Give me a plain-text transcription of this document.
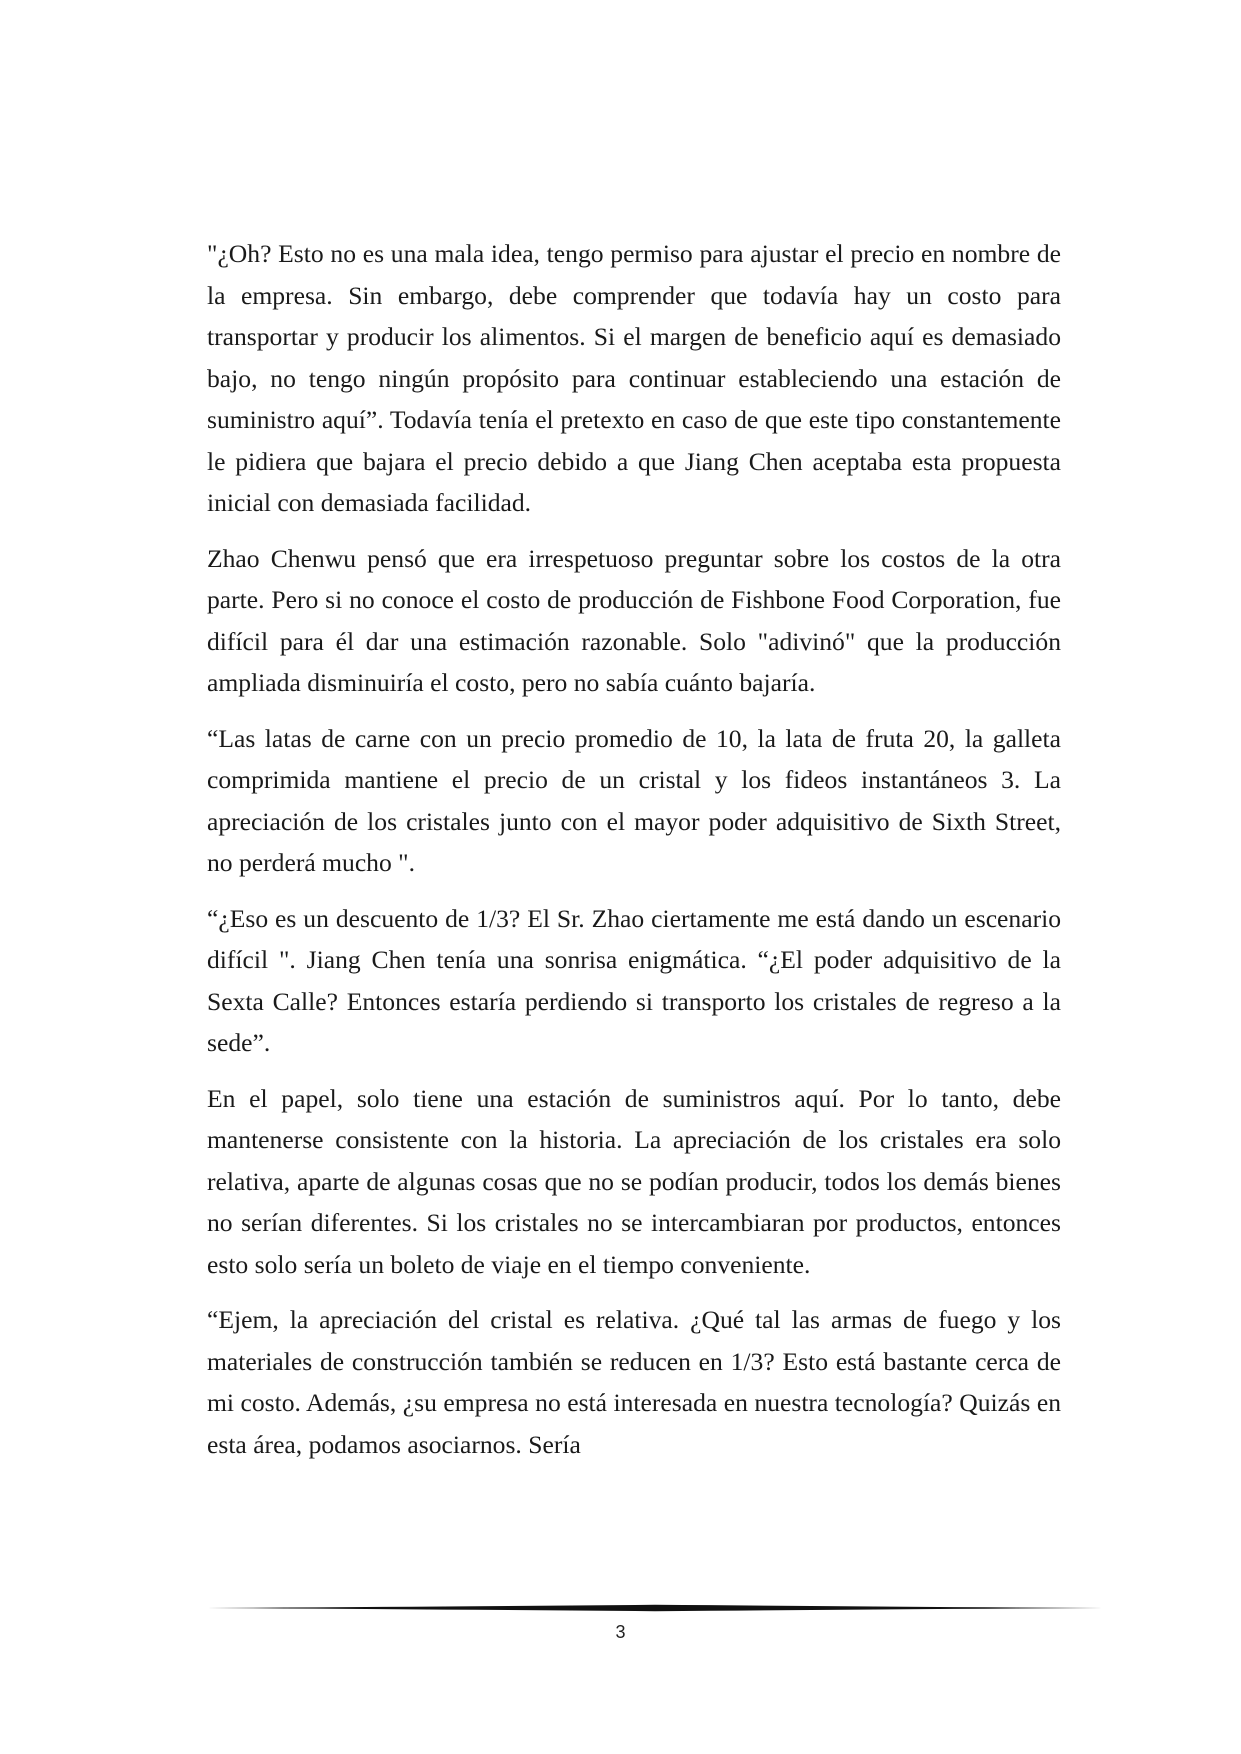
"¿Oh? Esto no es una mala idea, tengo permiso para ajustar el precio en nombre de la empresa. Sin embargo, debe comprender que todavía hay un costo para transportar y producir los alimentos. Si el margen de beneficio aquí es demasiado bajo, no tengo ningún propósito para continuar estableciendo una estación de suministro aquí”. Todavía tenía el pretexto en caso de que este tipo constantemente le pidiera que bajara el precio debido a que Jiang Chen aceptaba esta propuesta inicial con demasiada facilidad.

Zhao Chenwu pensó que era irrespetuoso preguntar sobre los costos de la otra parte. Pero si no conoce el costo de producción de Fishbone Food Corporation, fue difícil para él dar una estimación razonable. Solo "adivinó" que la producción ampliada disminuiría el costo, pero no sabía cuánto bajaría.

“Las latas de carne con un precio promedio de 10, la lata de fruta 20, la galleta comprimida mantiene el precio de un cristal y los fideos instantáneos 3. La apreciación de los cristales junto con el mayor poder adquisitivo de Sixth Street, no perderá mucho ".

“¿Eso es un descuento de 1/3? El Sr. Zhao ciertamente me está dando un escenario difícil ". Jiang Chen tenía una sonrisa enigmática. “¿El poder adquisitivo de la Sexta Calle? Entonces estaría perdiendo si transporto los cristales de regreso a la sede”.

En el papel, solo tiene una estación de suministros aquí. Por lo tanto, debe mantenerse consistente con la historia. La apreciación de los cristales era solo relativa, aparte de algunas cosas que no se podían producir, todos los demás bienes no serían diferentes. Si los cristales no se intercambiaran por productos, entonces esto solo sería un boleto de viaje en el tiempo conveniente.

“Ejem, la apreciación del cristal es relativa. ¿Qué tal las armas de fuego y los materiales de construcción también se reducen en 1/3? Esto está bastante cerca de mi costo. Además, ¿su empresa no está interesada en nuestra tecnología? Quizás en esta área, podamos asociarnos. Sería

3
